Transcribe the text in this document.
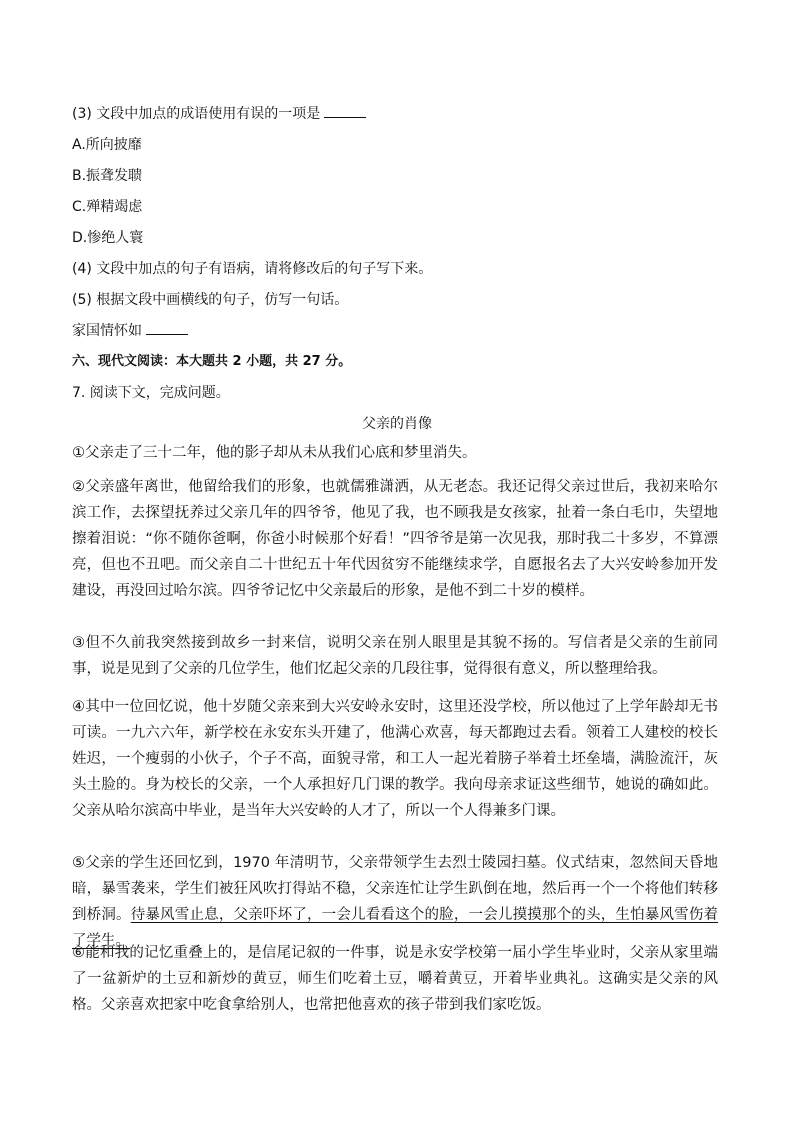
(3) 文段中加点的成语使用有误的一项是
A.所向披靡
B.振聋发聩
C.殚精竭虑
D.惨绝人寰
(4) 文段中加点的句子有语病，请将修改后的句子写下来。
(5) 根据文段中画横线的句子，仿写一句话。
家国情怀如
六、现代文阅读：本大题共 2 小题，共 27 分。
7. 阅读下文，完成问题。
父亲的肖像
①父亲走了三十二年，他的影子却从未从我们心底和梦里消失。
②父亲盛年离世，他留给我们的形象，也就儒雅潇洒，从无老态。我还记得父亲过世后，我初来哈尔滨工作，去探望抚养过父亲几年的四爷爷，他见了我，也不顾我是女孩家，扯着一条白毛巾，失望地擦着泪说：“你不随你爸啊，你爸小时候那个好看！”四爷爷是第一次见我，那时我二十多岁，不算漂亮，但也不丑吧。而父亲自二十世纪五十年代因贫穷不能继续求学，自愿报名去了大兴安岭参加开发建设，再没回过哈尔滨。四爷爷记忆中父亲最后的形象，是他不到二十岁的模样。
③但不久前我突然接到故乡一封来信，说明父亲在别人眼里是其貌不扬的。写信者是父亲的生前同事，说是见到了父亲的几位学生，他们忆起父亲的几段往事，觉得很有意义，所以整理给我。
④其中一位回忆说，他十岁随父亲来到大兴安岭永安时，这里还没学校，所以他过了上学年龄却无书可读。一九六六年，新学校在永安东头开建了，他满心欢喜，每天都跑过去看。领着工人建校的校长姓迟，一个瘦弱的小伙子，个子不高，面貌寻常，和工人一起光着膀子举着土坯垒墙，满脸流汗，灰头土脸的。身为校长的父亲，一个人承担好几门课的教学。我向母亲求证这些细节，她说的确如此。父亲从哈尔滨高中毕业，是当年大兴安岭的人才了，所以一个人得兼多门课。
⑤父亲的学生还回忆到，1970 年清明节，父亲带领学生去烈士陵园扫墓。仪式结束，忽然间天昏地暗，暴雪袭来，学生们被狂风吹打得站不稳，父亲连忙让学生趴倒在地，然后再一个一个将他们转移到桥洞。待暴风雪止息，父亲吓坏了，一会儿看看这个的脸，一会儿摸摸那个的头，生怕暴风雪伤着了学生。
⑥能和我的记忆重叠上的，是信尾记叙的一件事，说是永安学校第一届小学生毕业时，父亲从家里端了一盆新炉的土豆和新炒的黄豆，师生们吃着土豆，嚼着黄豆，开着毕业典礼。这确实是父亲的风格。父亲喜欢把家中吃食拿给别人，也常把他喜欢的孩子带到我们家吃饭。
